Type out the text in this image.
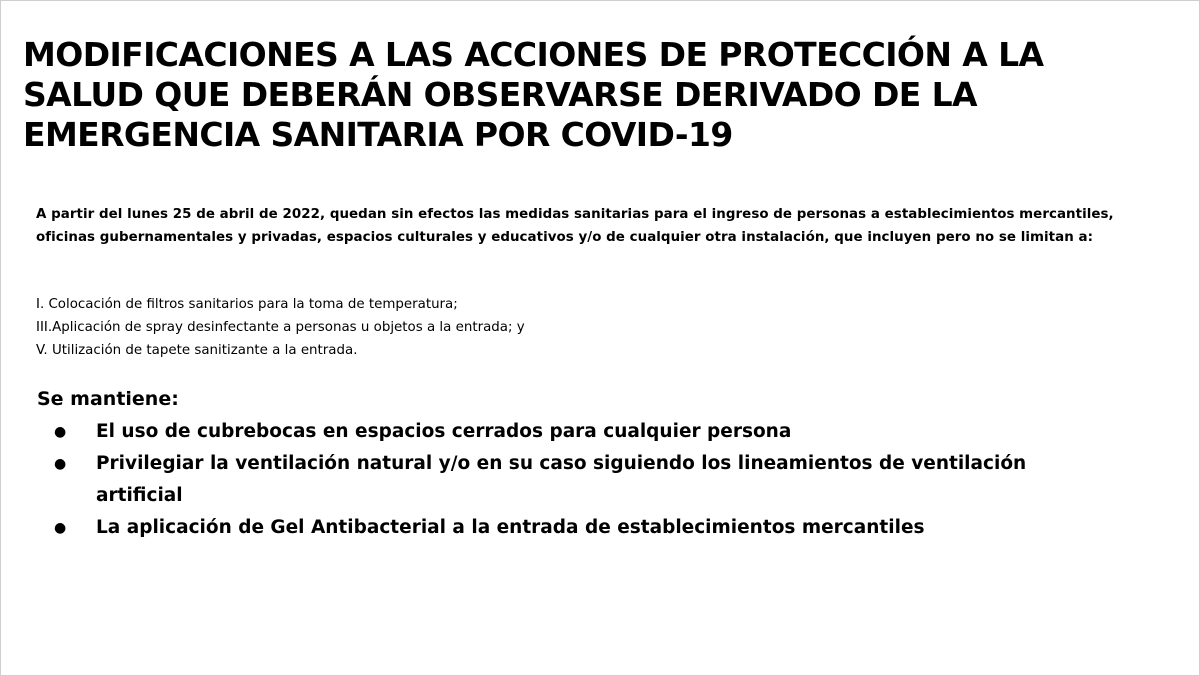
MODIFICACIONES A LAS ACCIONES DE PROTECCIÓN A LA SALUD QUE DEBERÁN OBSERVARSE DERIVADO DE LA EMERGENCIA SANITARIA POR COVID-19

A partir del lunes 25 de abril de 2022, quedan sin efectos las medidas sanitarias para el ingreso de personas a establecimientos mercantiles, oficinas gubernamentales y privadas, espacios culturales y educativos y/o de cualquier otra instalación, que incluyen pero no se limitan a:

I. Colocación de filtros sanitarios para la toma de temperatura;
III.Aplicación de spray desinfectante a personas u objetos a la entrada; y
V. Utilización de tapete sanitizante a la entrada.
Se mantiene:
● El uso de cubrebocas en espacios cerrados para cualquier persona
● Privilegiar la ventilación natural y/o en su caso siguiendo los lineamientos de ventilación artificial
● La aplicación de Gel Antibacterial a la entrada de establecimientos mercantiles
